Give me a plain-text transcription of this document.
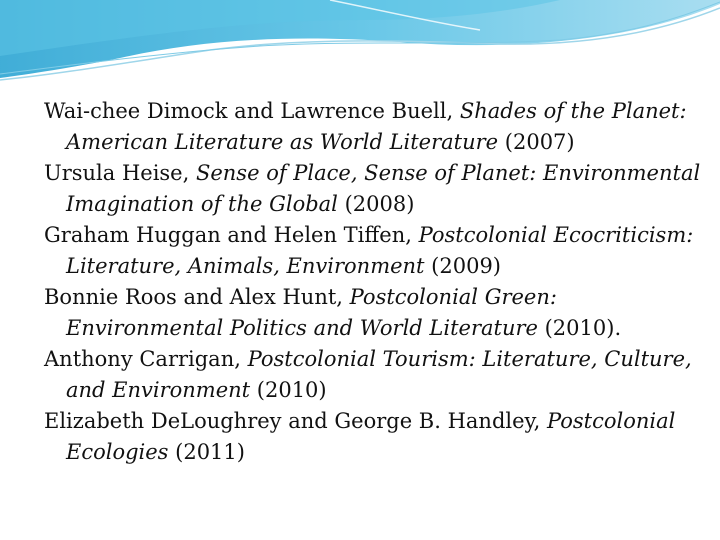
Wai-chee Dimock and Lawrence Buell, Shades of the Planet: American Literature as World Literature (2007)
Ursula Heise, Sense of Place, Sense of Planet: Environmental Imagination of the Global (2008)
Graham Huggan and Helen Tiffen, Postcolonial Ecocriticism: Literature, Animals, Environment (2009)
Bonnie Roos and Alex Hunt, Postcolonial Green: Environmental Politics and World Literature (2010).
Anthony Carrigan, Postcolonial Tourism: Literature, Culture, and Environment (2010)
Elizabeth DeLoughrey and George B. Handley, Postcolonial Ecologies (2011)
